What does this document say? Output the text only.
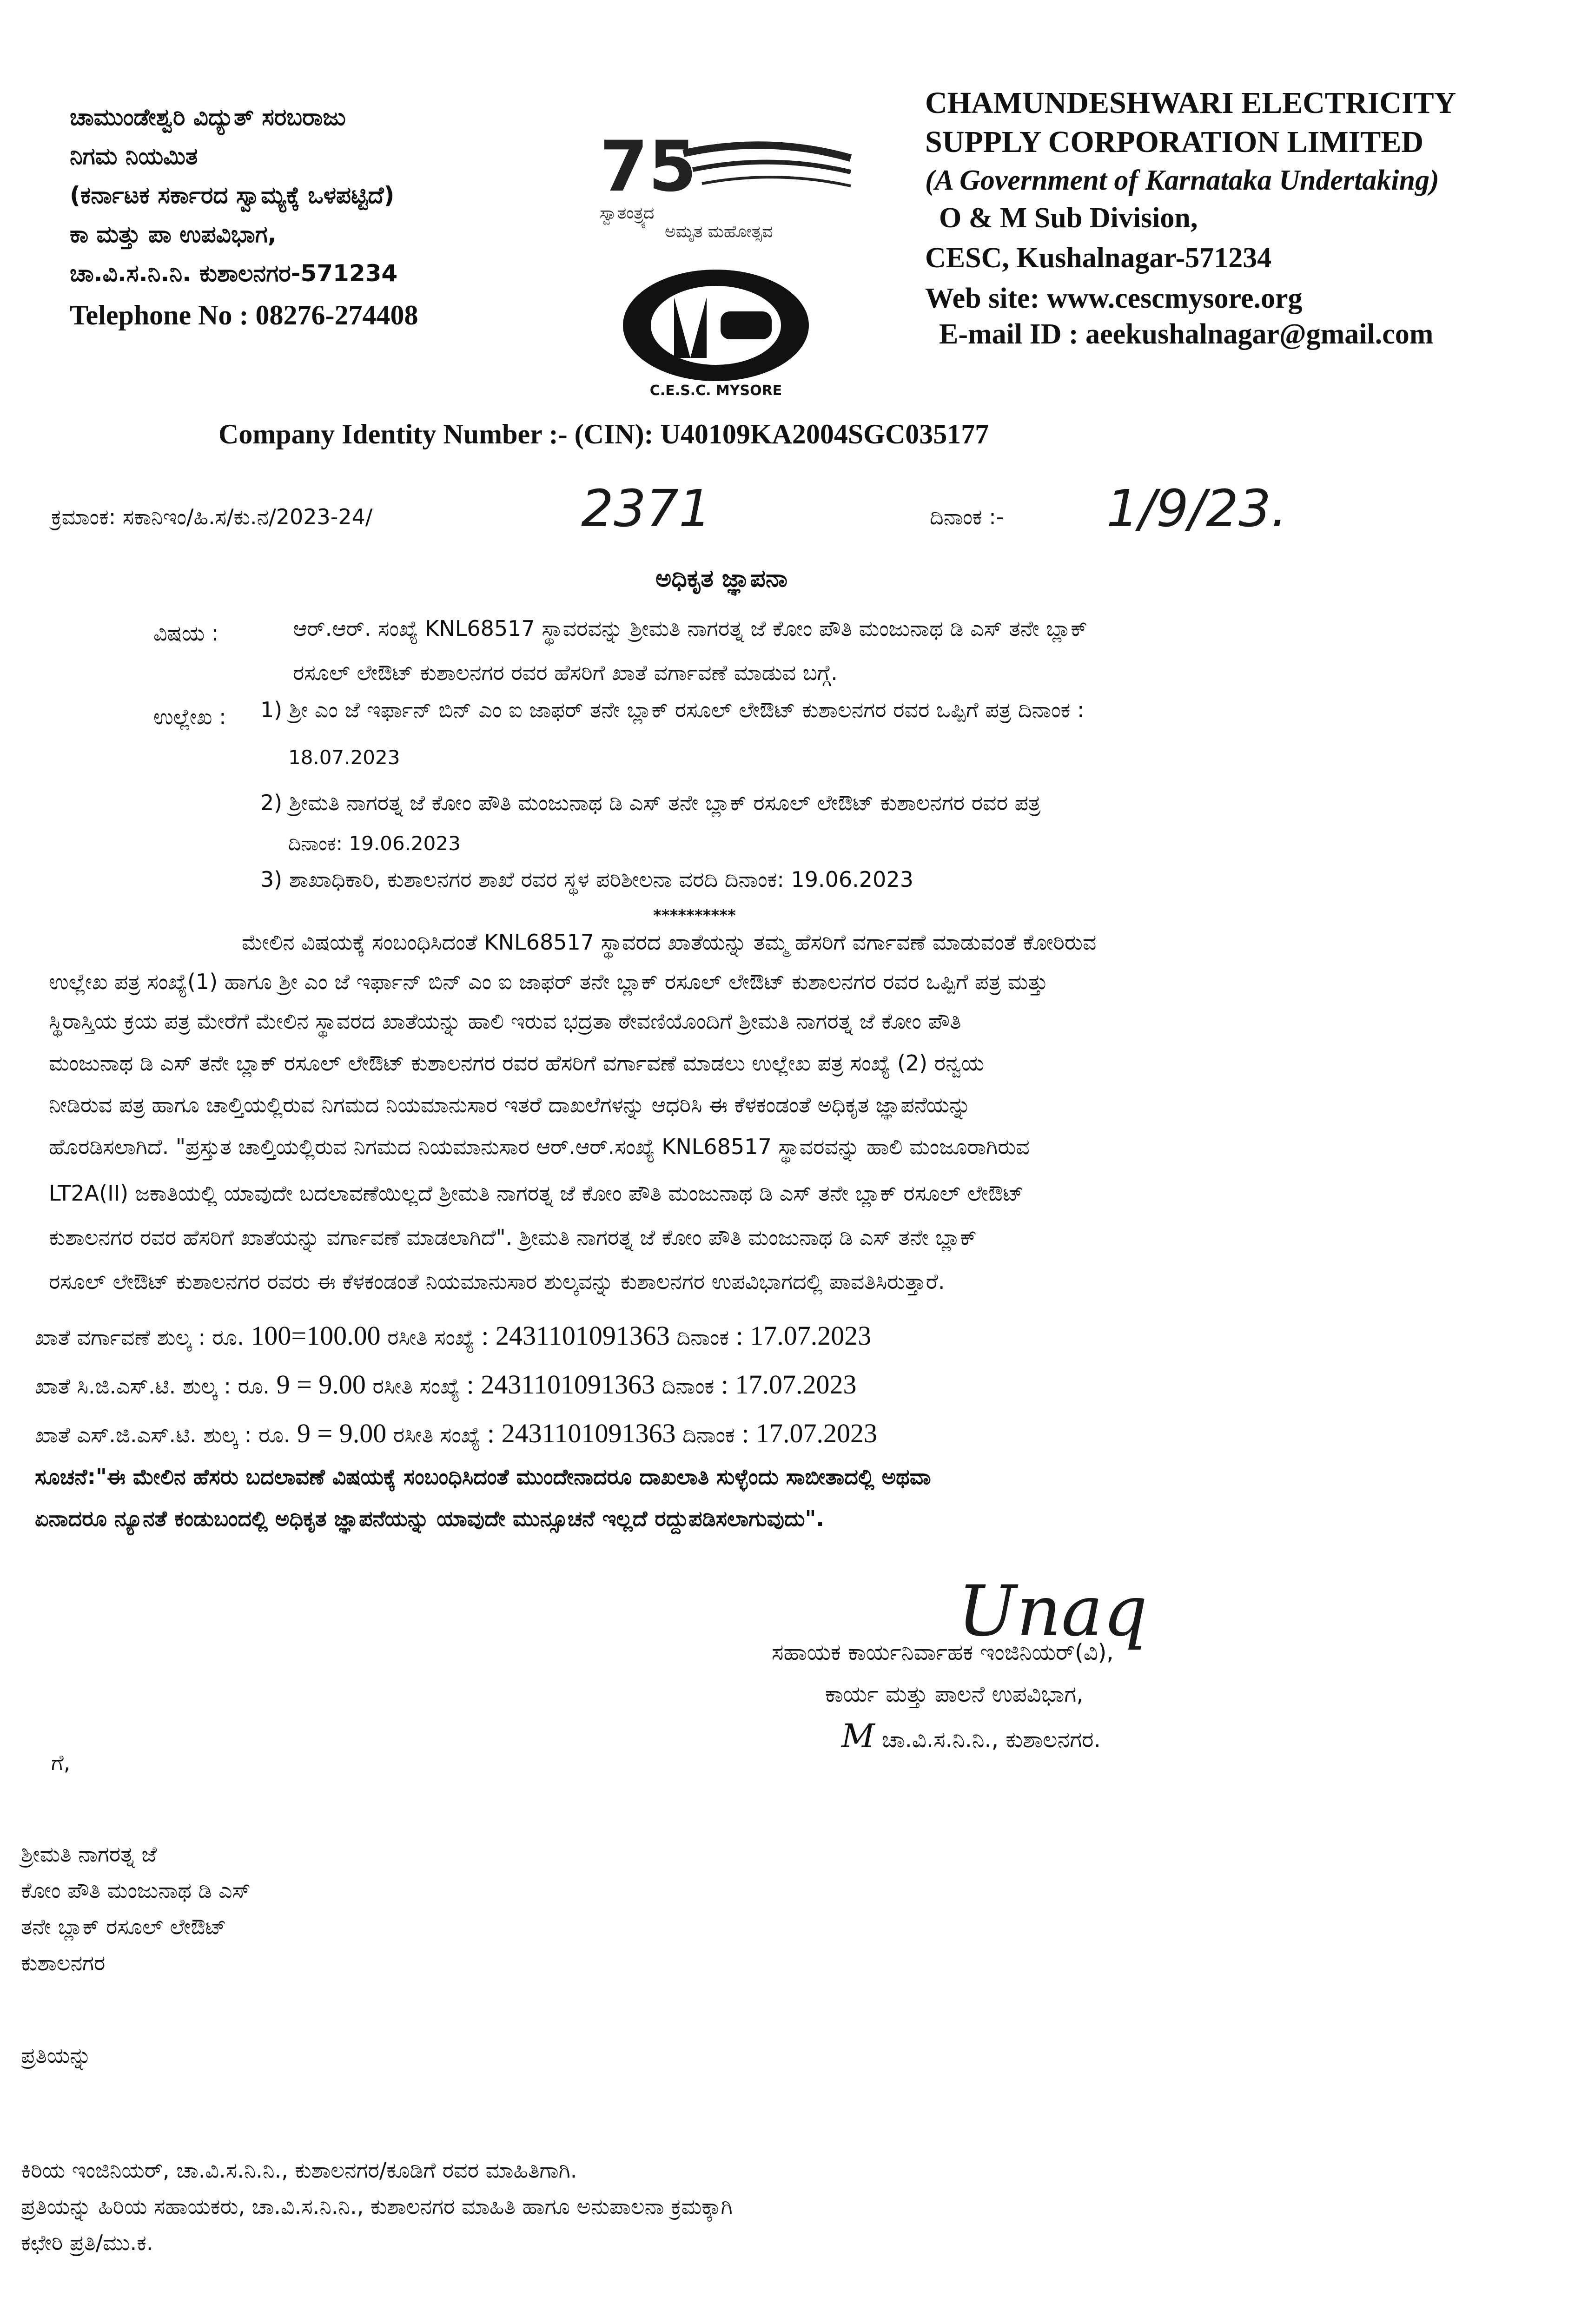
ಚಾಮುಂಡೇಶ್ವರಿ ವಿದ್ಯುತ್ ಸರಬರಾಜು
ನಿಗಮ ನಿಯಮಿತ
(ಕರ್ನಾಟಕ ಸರ್ಕಾರದ ಸ್ವಾಮ್ಯಕ್ಕೆ ಒಳಪಟ್ಟಿದೆ)
ಕಾ ಮತ್ತು ಪಾ ಉಪವಿಭಾಗ,
ಚಾ.ವಿ.ಸ.ನಿ.ನಿ. ಕುಶಾಲನಗರ-571234
Telephone No : 08276-274408
75
ಸ್ವಾತಂತ್ರ್ಯದ
ಅಮೃತ ಮಹೋತ್ಸವ
C.E.S.C. MYSORE
CHAMUNDESHWARI ELECTRICITY
SUPPLY CORPORATION LIMITED
(A Government of Karnataka Undertaking)
O & M Sub Division,
CESC, Kushalnagar-571234
Web site: www.cescmysore.org
E-mail ID : aeekushalnagar@gmail.com
Company Identity Number :- (CIN): U40109KA2004SGC035177
ಕ್ರಮಾಂಕ: ಸಕಾನಿಇಂ/ಹಿ.ಸ/ಕು.ನ/2023-24/	2371	ದಿನಾಂಕ :- 1/9/23.
ಅಧಿಕೃತ ಜ್ಞಾಪನಾ
ವಿಷಯ :	ಆರ್.ಆರ್. ಸಂಖ್ಯೆ KNL68517 ಸ್ಥಾವರವನ್ನು ಶ್ರೀಮತಿ ನಾಗರತ್ನ ಜೆ ಕೋಂ ಪೌತಿ ಮಂಜುನಾಥ ಡಿ ಎಸ್ ತನೇ ಬ್ಲಾಕ್
ರಸೂಲ್ ಲೇಔಟ್ ಕುಶಾಲನಗರ ರವರ ಹೆಸರಿಗೆ ಖಾತೆ ವರ್ಗಾವಣೆ ಮಾಡುವ ಬಗ್ಗೆ.
ಉಲ್ಲೇಖ : 1) ಶ್ರೀ ಎಂ ಜೆ ಇರ್ಫಾನ್ ಬಿನ್ ಎಂ ಐ ಜಾಫರ್ ತನೇ ಬ್ಲಾಕ್ ರಸೂಲ್ ಲೇಔಟ್ ಕುಶಾಲನಗರ ರವರ ಒಪ್ಪಿಗೆ ಪತ್ರ ದಿನಾಂಕ :
18.07.2023
2) ಶ್ರೀಮತಿ ನಾಗರತ್ನ ಜೆ ಕೋಂ ಪೌತಿ ಮಂಜುನಾಥ ಡಿ ಎಸ್ ತನೇ ಬ್ಲಾಕ್ ರಸೂಲ್ ಲೇಔಟ್ ಕುಶಾಲನಗರ ರವರ ಪತ್ರ
ದಿನಾಂಕ: 19.06.2023
3) ಶಾಖಾಧಿಕಾರಿ, ಕುಶಾಲನಗರ ಶಾಖೆ ರವರ ಸ್ಥಳ ಪರಿಶೀಲನಾ ವರದಿ ದಿನಾಂಕ: 19.06.2023
**********
ಮೇಲಿನ ವಿಷಯಕ್ಕೆ ಸಂಬಂಧಿಸಿದಂತೆ KNL68517 ಸ್ಥಾವರದ ಖಾತೆಯನ್ನು ತಮ್ಮ ಹೆಸರಿಗೆ ವರ್ಗಾವಣೆ ಮಾಡುವಂತೆ ಕೋರಿರುವ
ಉಲ್ಲೇಖ ಪತ್ರ ಸಂಖ್ಯೆ(1) ಹಾಗೂ ಶ್ರೀ ಎಂ ಜೆ ಇರ್ಫಾನ್ ಬಿನ್ ಎಂ ಐ ಜಾಫರ್ ತನೇ ಬ್ಲಾಕ್ ರಸೂಲ್ ಲೇಔಟ್ ಕುಶಾಲನಗರ ರವರ ಒಪ್ಪಿಗೆ ಪತ್ರ ಮತ್ತು
ಸ್ಥಿರಾಸ್ತಿಯ ಕ್ರಯ ಪತ್ರ ಮೇರೆಗೆ ಮೇಲಿನ ಸ್ಥಾವರದ ಖಾತೆಯನ್ನು ಹಾಲಿ ಇರುವ ಭದ್ರತಾ ಠೇವಣಿಯೊಂದಿಗೆ ಶ್ರೀಮತಿ ನಾಗರತ್ನ ಜೆ ಕೋಂ ಪೌತಿ
ಮಂಜುನಾಥ ಡಿ ಎಸ್ ತನೇ ಬ್ಲಾಕ್ ರಸೂಲ್ ಲೇಔಟ್ ಕುಶಾಲನಗರ ರವರ ಹೆಸರಿಗೆ ವರ್ಗಾವಣೆ ಮಾಡಲು ಉಲ್ಲೇಖ ಪತ್ರ ಸಂಖ್ಯೆ (2) ರನ್ವಯ
ನೀಡಿರುವ ಪತ್ರ ಹಾಗೂ ಚಾಲ್ತಿಯಲ್ಲಿರುವ ನಿಗಮದ ನಿಯಮಾನುಸಾರ ಇತರೆ ದಾಖಲೆಗಳನ್ನು ಆಧರಿಸಿ ಈ ಕೆಳಕಂಡಂತೆ ಅಧಿಕೃತ ಜ್ಞಾಪನೆಯನ್ನು
ಹೊರಡಿಸಲಾಗಿದೆ. "ಪ್ರಸ್ತುತ ಚಾಲ್ತಿಯಲ್ಲಿರುವ ನಿಗಮದ ನಿಯಮಾನುಸಾರ ಆರ್.ಆರ್.ಸಂಖ್ಯೆ KNL68517 ಸ್ಥಾವರವನ್ನು ಹಾಲಿ ಮಂಜೂರಾಗಿರುವ
LT2A(II) ಜಕಾತಿಯಲ್ಲಿ ಯಾವುದೇ ಬದಲಾವಣೆಯಿಲ್ಲದೆ ಶ್ರೀಮತಿ ನಾಗರತ್ನ ಜೆ ಕೋಂ ಪೌತಿ ಮಂಜುನಾಥ ಡಿ ಎಸ್ ತನೇ ಬ್ಲಾಕ್ ರಸೂಲ್ ಲೇಔಟ್
ಕುಶಾಲನಗರ ರವರ ಹೆಸರಿಗೆ ಖಾತೆಯನ್ನು ವರ್ಗಾವಣೆ ಮಾಡಲಾಗಿದೆ". ಶ್ರೀಮತಿ ನಾಗರತ್ನ ಜೆ ಕೋಂ ಪೌತಿ ಮಂಜುನಾಥ ಡಿ ಎಸ್ ತನೇ ಬ್ಲಾಕ್
ರಸೂಲ್ ಲೇಔಟ್ ಕುಶಾಲನಗರ ರವರು ಈ ಕೆಳಕಂಡಂತೆ ನಿಯಮಾನುಸಾರ ಶುಲ್ಕವನ್ನು ಕುಶಾಲನಗರ ಉಪವಿಭಾಗದಲ್ಲಿ ಪಾವತಿಸಿರುತ್ತಾರೆ.
ಖಾತೆ ವರ್ಗಾವಣೆ ಶುಲ್ಕ : ರೂ. 100=100.00 ರಸೀತಿ ಸಂಖ್ಯೆ : 2431101091363 ದಿನಾಂಕ : 17.07.2023
ಖಾತೆ ಸಿ.ಜಿ.ಎಸ್.ಟಿ. ಶುಲ್ಕ : ರೂ. 9 = 9.00 ರಸೀತಿ ಸಂಖ್ಯೆ : 2431101091363 ದಿನಾಂಕ : 17.07.2023
ಖಾತೆ ಎಸ್.ಜಿ.ಎಸ್.ಟಿ. ಶುಲ್ಕ : ರೂ. 9 = 9.00 ರಸೀತಿ ಸಂಖ್ಯೆ : 2431101091363 ದಿನಾಂಕ : 17.07.2023
ಸೂಚನೆ:"ಈ ಮೇಲಿನ ಹೆಸರು ಬದಲಾವಣೆ ವಿಷಯಕ್ಕೆ ಸಂಬಂಧಿಸಿದಂತೆ ಮುಂದೇನಾದರೂ ದಾಖಲಾತಿ ಸುಳ್ಳೆಂದು ಸಾಬೀತಾದಲ್ಲಿ ಅಥವಾ
ಏನಾದರೂ ನ್ಯೂನತೆ ಕಂಡುಬಂದಲ್ಲಿ ಅಧಿಕೃತ ಜ್ಞಾಪನೆಯನ್ನು ಯಾವುದೇ ಮುನ್ಸೂಚನೆ ಇಲ್ಲದೆ ರದ್ದುಪಡಿಸಲಾಗುವುದು".
Unaq
ಸಹಾಯಕ ಕಾರ್ಯನಿರ್ವಾಹಕ ಇಂಜಿನಿಯರ್(ವಿ),
ಕಾರ್ಯ ಮತ್ತು ಪಾಲನೆ ಉಪವಿಭಾಗ,
M ಚಾ.ವಿ.ಸ.ನಿ.ನಿ., ಕುಶಾಲನಗರ.
ಗೆ,
ಶ್ರೀಮತಿ ನಾಗರತ್ನ ಜೆ
ಕೋಂ ಪೌತಿ ಮಂಜುನಾಥ ಡಿ ಎಸ್
ತನೇ ಬ್ಲಾಕ್ ರಸೂಲ್ ಲೇಔಟ್
ಕುಶಾಲನಗರ
ಪ್ರತಿಯನ್ನು
ಕಿರಿಯ ಇಂಜಿನಿಯರ್, ಚಾ.ವಿ.ಸ.ನಿ.ನಿ., ಕುಶಾಲನಗರ/ಕೂಡಿಗೆ ರವರ ಮಾಹಿತಿಗಾಗಿ.
ಪ್ರತಿಯನ್ನು ಹಿರಿಯ ಸಹಾಯಕರು, ಚಾ.ವಿ.ಸ.ನಿ.ನಿ., ಕುಶಾಲನಗರ ಮಾಹಿತಿ ಹಾಗೂ ಅನುಪಾಲನಾ ಕ್ರಮಕ್ಕಾಗಿ
ಕಛೇರಿ ಪ್ರತಿ/ಮು.ಕ.
